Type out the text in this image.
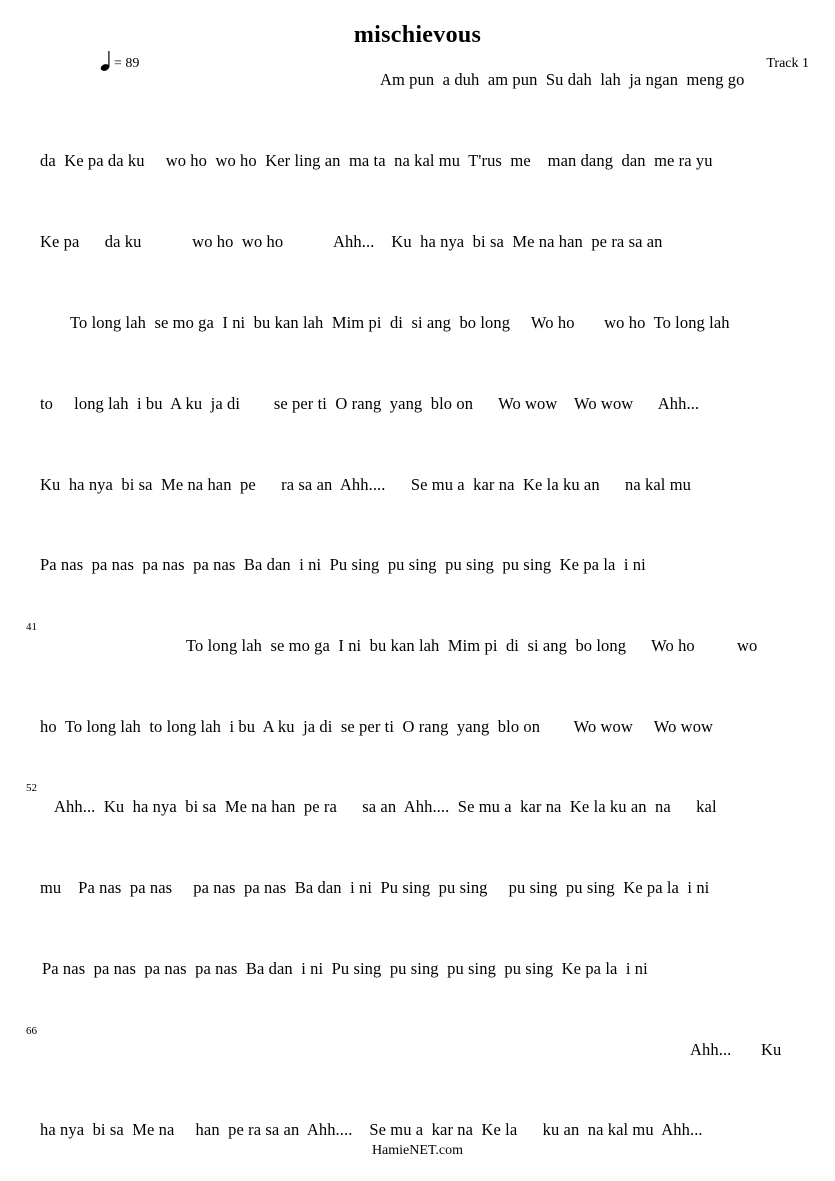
mischievous
= 89	Track 1
Am pun  a duh  am pun  Su dah  lah  ja ngan  meng go
da  Ke pa da ku     wo ho  wo ho  Ker ling an  ma ta  na kal mu  T'rus  me    man dang  dan  me ra yu
Ke pa      da ku            wo ho  wo ho            Ahh...    Ku  ha nya  bi sa  Me na han  pe ra sa an
To long lah  se mo ga  I ni  bu kan lah  Mim pi  di  si ang  bo long     Wo ho       wo ho  To long lah
to     long lah  i bu  A ku  ja di        se per ti  O rang  yang  blo on      Wo wow    Wo wow      Ahh...
Ku  ha nya  bi sa  Me na han  pe      ra sa an  Ahh....      Se mu a  kar na  Ke la ku an      na kal mu
Pa nas  pa nas  pa nas  pa nas  Ba dan  i ni  Pu sing  pu sing  pu sing  pu sing  Ke pa la  i ni
41
To long lah  se mo ga  I ni  bu kan lah  Mim pi  di  si ang  bo long      Wo ho          wo
ho  To long lah  to long lah  i bu  A ku  ja di  se per ti  O rang  yang  blo on        Wo wow     Wo wow
52
Ahh...  Ku  ha nya  bi sa  Me na han  pe ra      sa an  Ahh....  Se mu a  kar na  Ke la ku an  na      kal
mu    Pa nas  pa nas     pa nas  pa nas  Ba dan  i ni  Pu sing  pu sing     pu sing  pu sing  Ke pa la  i ni
Pa nas  pa nas  pa nas  pa nas  Ba dan  i ni  Pu sing  pu sing  pu sing  pu sing  Ke pa la  i ni
66
Ahh...       Ku
ha nya  bi sa  Me na     han  pe ra sa an  Ahh....    Se mu a  kar na  Ke la      ku an  na kal mu  Ahh...
HamieNET.com
